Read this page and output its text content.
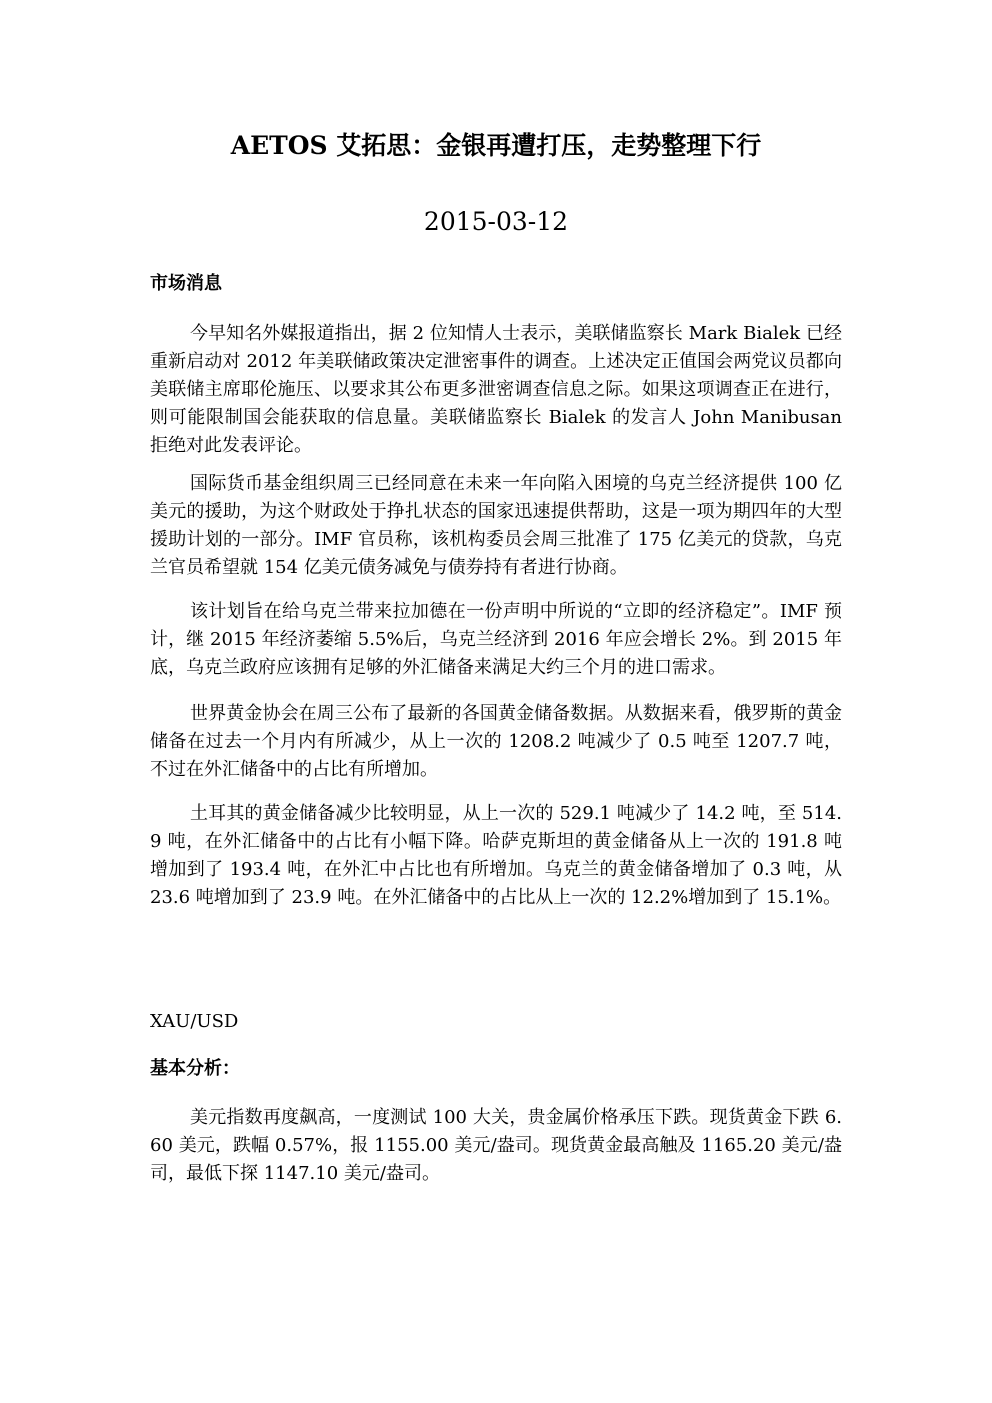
AETOS 艾拓思：金银再遭打压，走势整理下行
2015-03-12
市场消息

今早知名外媒报道指出，据 2 位知情人士表示，美联储监察长 Mark Bialek 已经重新启动对 2012 年美联储政策决定泄密事件的调查。上述决定正值国会两党议员都向美联储主席耶伦施压、以要求其公布更多泄密调查信息之际。如果这项调查正在进行，则可能限制国会能获取的信息量。美联储监察长 Bialek 的发言人 John Manibusan 拒绝对此发表评论。

国际货币基金组织周三已经同意在未来一年向陷入困境的乌克兰经济提供 100 亿美元的援助，为这个财政处于挣扎状态的国家迅速提供帮助，这是一项为期四年的大型援助计划的一部分。IMF 官员称，该机构委员会周三批准了 175 亿美元的贷款，乌克兰官员希望就 154 亿美元债务减免与债券持有者进行协商。

该计划旨在给乌克兰带来拉加德在一份声明中所说的“立即的经济稳定”。IMF 预计，继 2015 年经济萎缩 5.5%后，乌克兰经济到 2016 年应会增长 2%。到 2015 年底，乌克兰政府应该拥有足够的外汇储备来满足大约三个月的进口需求。

世界黄金协会在周三公布了最新的各国黄金储备数据。从数据来看，俄罗斯的黄金储备在过去一个月内有所减少，从上一次的 1208.2 吨减少了 0.5 吨至 1207.7 吨，不过在外汇储备中的占比有所增加。

土耳其的黄金储备减少比较明显，从上一次的 529.1 吨减少了 14.2 吨，至 514.9 吨，在外汇储备中的占比有小幅下降。哈萨克斯坦的黄金储备从上一次的 191.8 吨增加到了 193.4 吨，在外汇中占比也有所增加。乌克兰的黄金储备增加了 0.3 吨，从 23.6 吨增加到了 23.9 吨。在外汇储备中的占比从上一次的 12.2%增加到了 15.1%。

XAU/USD
基本分析：

美元指数再度飙高，一度测试 100 大关，贵金属价格承压下跌。现货黄金下跌 6.60 美元，跌幅 0.57%，报 1155.00 美元/盎司。现货黄金最高触及 1165.20 美元/盎司，最低下探 1147.10 美元/盎司。
